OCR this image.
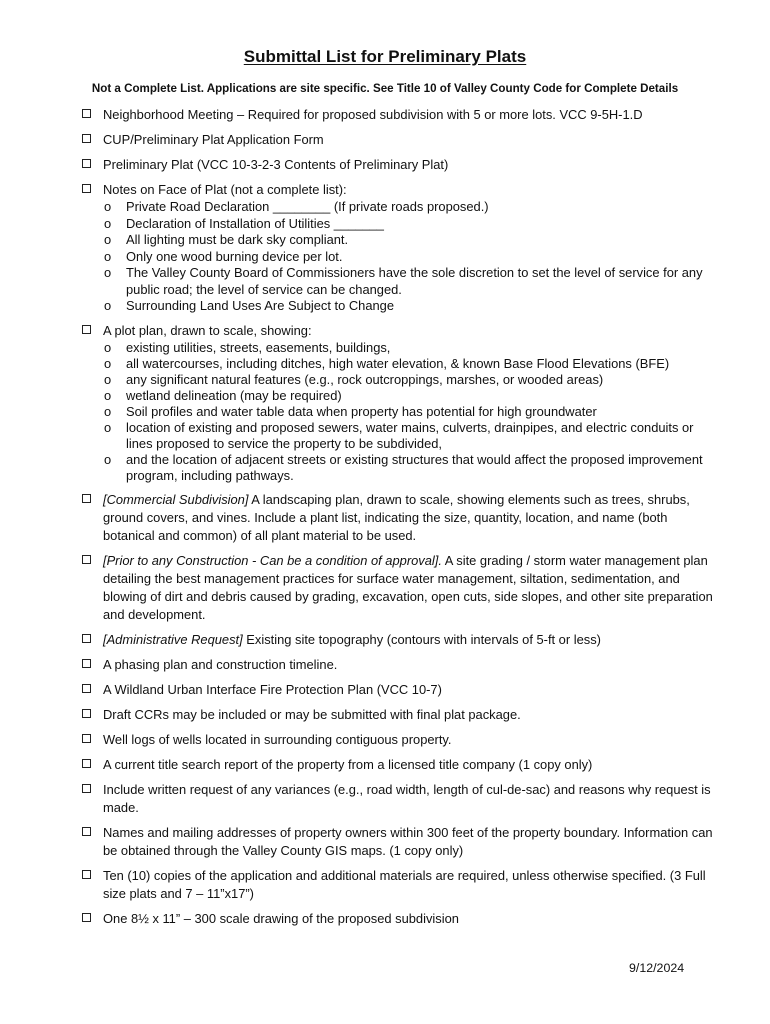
Submittal List for Preliminary Plats
Not a Complete List. Applications are site specific. See Title 10 of Valley County Code for Complete Details
Neighborhood Meeting – Required for proposed subdivision with 5 or more lots. VCC 9-5H-1.D
CUP/Preliminary Plat Application Form
Preliminary Plat (VCC 10-3-2-3 Contents of Preliminary Plat)
Notes on Face of Plat (not a complete list):
o Private Road Declaration ________ (If private roads proposed.)
o Declaration of Installation of Utilities _______
o All lighting must be dark sky compliant.
o Only one wood burning device per lot.
o The Valley County Board of Commissioners have the sole discretion to set the level of service for any public road; the level of service can be changed.
o Surrounding Land Uses Are Subject to Change
A plot plan, drawn to scale, showing:
o existing utilities, streets, easements, buildings,
o all watercourses, including ditches, high water elevation, & known Base Flood Elevations (BFE)
o any significant natural features (e.g., rock outcroppings, marshes, or wooded areas)
o wetland delineation (may be required)
o Soil profiles and water table data when property has potential for high groundwater
o location of existing and proposed sewers, water mains, culverts, drainpipes, and electric conduits or lines proposed to service the property to be subdivided,
o and the location of adjacent streets or existing structures that would affect the proposed improvement program, including pathways.
[Commercial Subdivision] A landscaping plan, drawn to scale, showing elements such as trees, shrubs, ground covers, and vines. Include a plant list, indicating the size, quantity, location, and name (both botanical and common) of all plant material to be used.
[Prior to any Construction - Can be a condition of approval]. A site grading / storm water management plan detailing the best management practices for surface water management, siltation, sedimentation, and blowing of dirt and debris caused by grading, excavation, open cuts, side slopes, and other site preparation and development.
[Administrative Request] Existing site topography (contours with intervals of 5-ft or less)
A phasing plan and construction timeline.
A Wildland Urban Interface Fire Protection Plan (VCC 10-7)
Draft CCRs may be included or may be submitted with final plat package.
Well logs of wells located in surrounding contiguous property.
A current title search report of the property from a licensed title company (1 copy only)
Include written request of any variances (e.g., road width, length of cul-de-sac) and reasons why request is made.
Names and mailing addresses of property owners within 300 feet of the property boundary. Information can be obtained through the Valley County GIS maps. (1 copy only)
Ten (10) copies of the application and additional materials are required, unless otherwise specified. (3 Full size plats and 7 – 11”x17”)
One 8½ x 11” – 300 scale drawing of the proposed subdivision
9/12/2024
